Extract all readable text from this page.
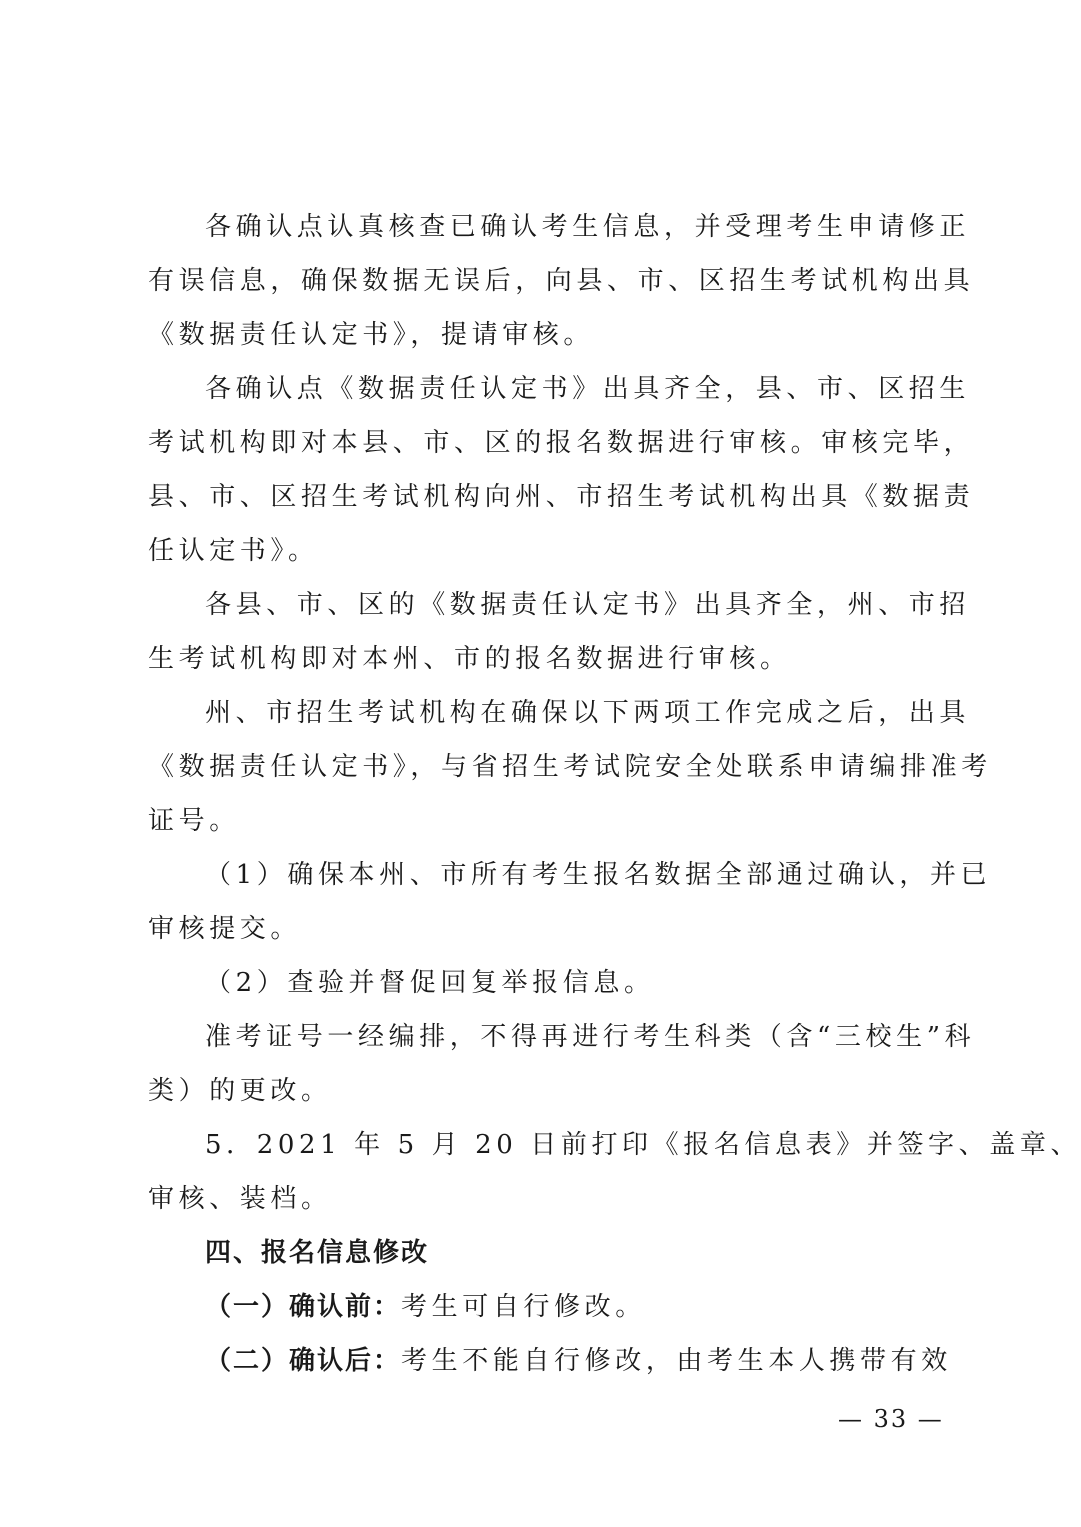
各确认点认真核查已确认考生信息，并受理考生申请修正
有误信息，确保数据无误后，向县、市、区招生考试机构出具
《数据责任认定书》，提请审核。
各确认点《数据责任认定书》出具齐全，县、市、区招生
考试机构即对本县、市、区的报名数据进行审核。审核完毕，
县、市、区招生考试机构向州、市招生考试机构出具《数据责
任认定书》。
各县、市、区的《数据责任认定书》出具齐全，州、市招
生考试机构即对本州、市的报名数据进行审核。
州、市招生考试机构在确保以下两项工作完成之后，出具
《数据责任认定书》，与省招生考试院安全处联系申请编排准考
证号。
（1）确保本州、市所有考生报名数据全部通过确认，并已
审核提交。
（2）查验并督促回复举报信息。
准考证号一经编排，不得再进行考生科类（含“三校生”科
类）的更改。
5．2021 年 5 月 20 日前打印《报名信息表》并签字、盖章、
审核、装档。
四、报名信息修改
（一）确认前：考生可自行修改。
（二）确认后：考生不能自行修改，由考生本人携带有效
— 33 —
